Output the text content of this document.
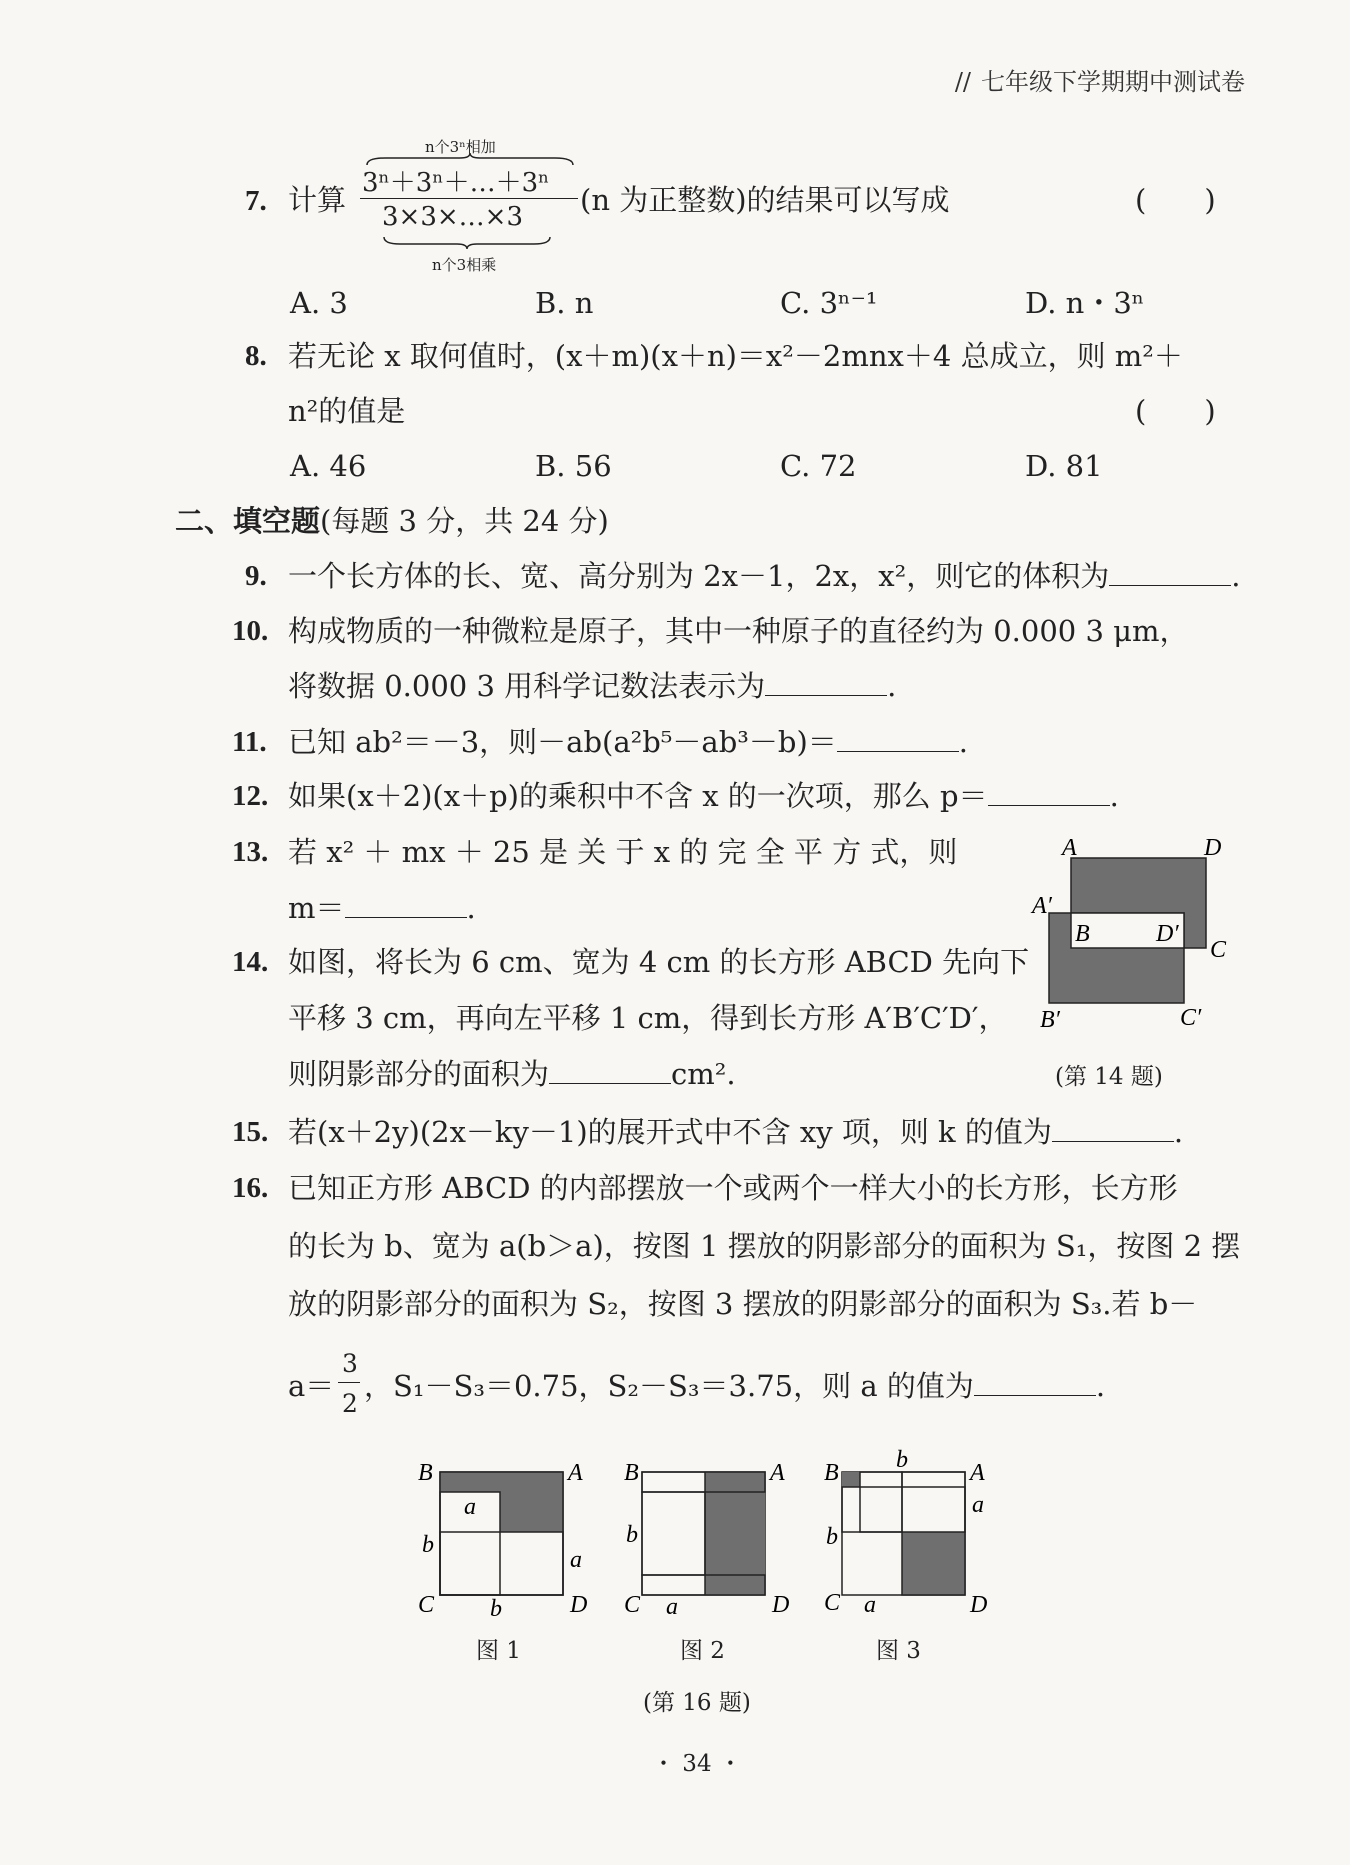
// 七年级下学期期中测试卷
7. 计算
n个3ⁿ相加
3ⁿ＋3ⁿ＋…＋3ⁿ
3×3×…×3
n个3相乘
(n 为正整数)的结果可以写成	(　　)
A. 3	B. n	C. 3ⁿ⁻¹	D. n・3ⁿ
8. 若无论 x 取何值时，(x＋m)(x＋n)＝x²－2mnx＋4 总成立，则 m²＋
n²的值是	(　　)
A. 46	B. 56	C. 72	D. 81
二、填空题(每题 3 分，共 24 分)
9. 一个长方体的长、宽、高分别为 2x－1，2x，x²，则它的体积为	.
10. 构成物质的一种微粒是原子，其中一种原子的直径约为 0.000 3 μm，
将数据 0.000 3 用科学记数法表示为	.
11. 已知 ab²＝－3，则－ab(a²b⁵－ab³－b)＝	.
12. 如果(x＋2)(x＋p)的乘积中不含 x 的一次项，那么 p＝	.
13. 若 x² ＋ mx ＋ 25 是 关 于 x 的 完 全 平 方 式，则
m＝	.
14. 如图，将长为 6 cm、宽为 4 cm 的长方形 ABCD 先向下
平移 3 cm，再向左平移 1 cm，得到长方形 A′B′C′D′，
则阴影部分的面积为	cm².
A	D
A′
B	D′
C
B′	C′
(第 14 题)
15. 若(x＋2y)(2x－ky－1)的展开式中不含 xy 项，则 k 的值为	.
16. 已知正方形 ABCD 的内部摆放一个或两个一样大小的长方形，长方形
的长为 b、宽为 a(b＞a)，按图 1 摆放的阴影部分的面积为 S₁，按图 2 摆
放的阴影部分的面积为 S₂，按图 3 摆放的阴影部分的面积为 S₃.若 b－
a＝
3
2
，S₁－S₃＝0.75，S₂－S₃＝3.75，则 a 的值为	.
B	A
C	D
a
b
a
b
B	A
C	D
b
a
B	A
C	D
b
a
b
a
图 1	图 2	图 3
(第 16 题)
・ 34 ・
